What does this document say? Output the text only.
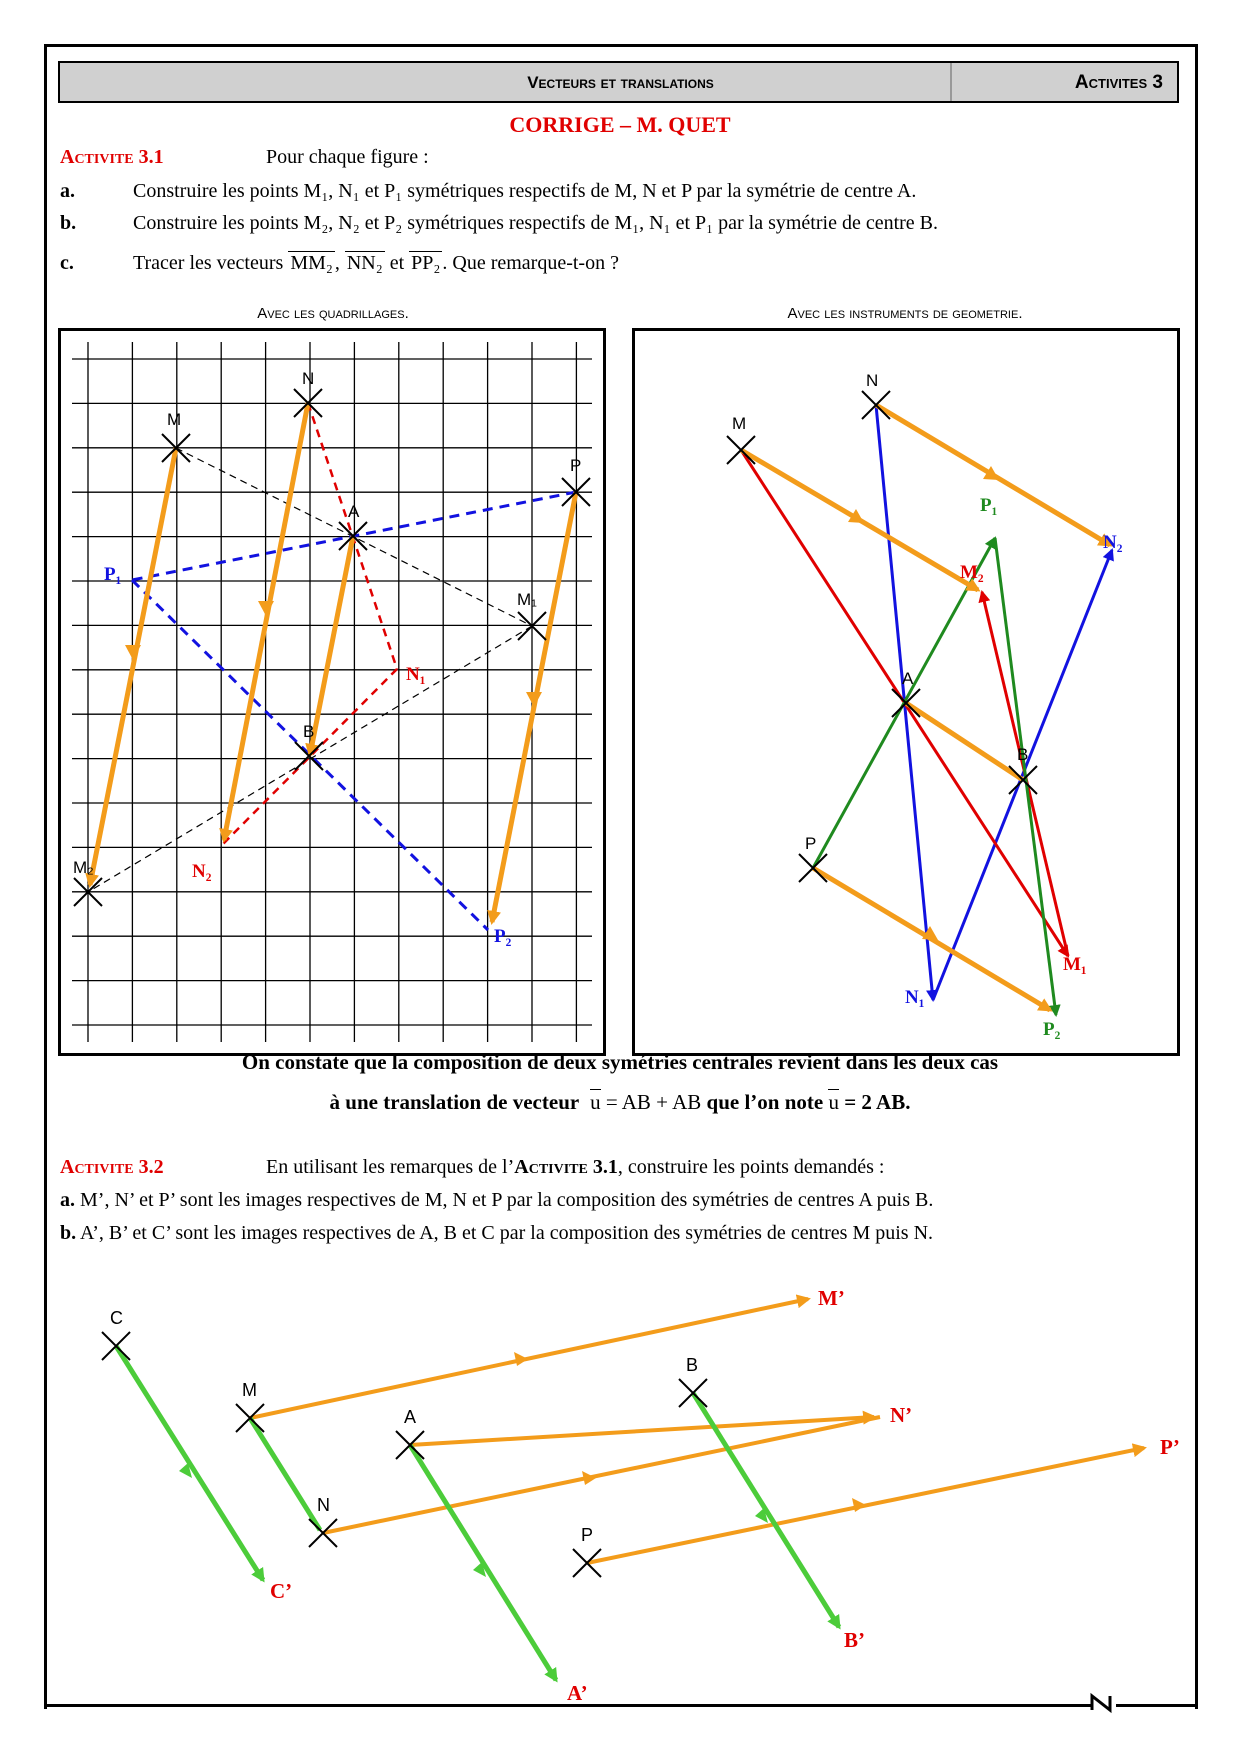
Vecteurs et translations	Activites 3
CORRIGE – M. QUET
Activite 3.1	Pour chaque figure :
a.	Construire les points M₁, N₁ et P₁ symétriques respectifs de M, N et P par la symétrie de centre A.
b.	Construire les points M₂, N₂ et P₂ symétriques respectifs de M₁, N₁ et P₁ par la symétrie de centre B.
c.	Tracer les vecteurs MM₂ , NN₂ et PP₂ . Que remarque-t-on ?
Avec les quadrillages.	Avec les instruments de geometrie.
M
N
P
A
M₁
B
M₂
P₁
N₁
N₂
P₂
M
N
A
B
P
P₁
N₂
M₂
M₁
N₁
P₂
C
M
A
B
N
P
M’
N’
P’
C’
B’
A’
On constate que la composition de deux symétries centrales revient dans les deux cas
à une translation de vecteur u = AB + AB que l’on note u = 2 AB.
Activite 3.2	En utilisant les remarques de l’Activite 3.1, construire les points demandés :
a. M’, N’ et P’ sont les images respectives de M, N et P par la composition des symétries de centres A puis B.
b. A’, B’ et C’ sont les images respectives de A, B et C par la composition des symétries de centres M puis N.
